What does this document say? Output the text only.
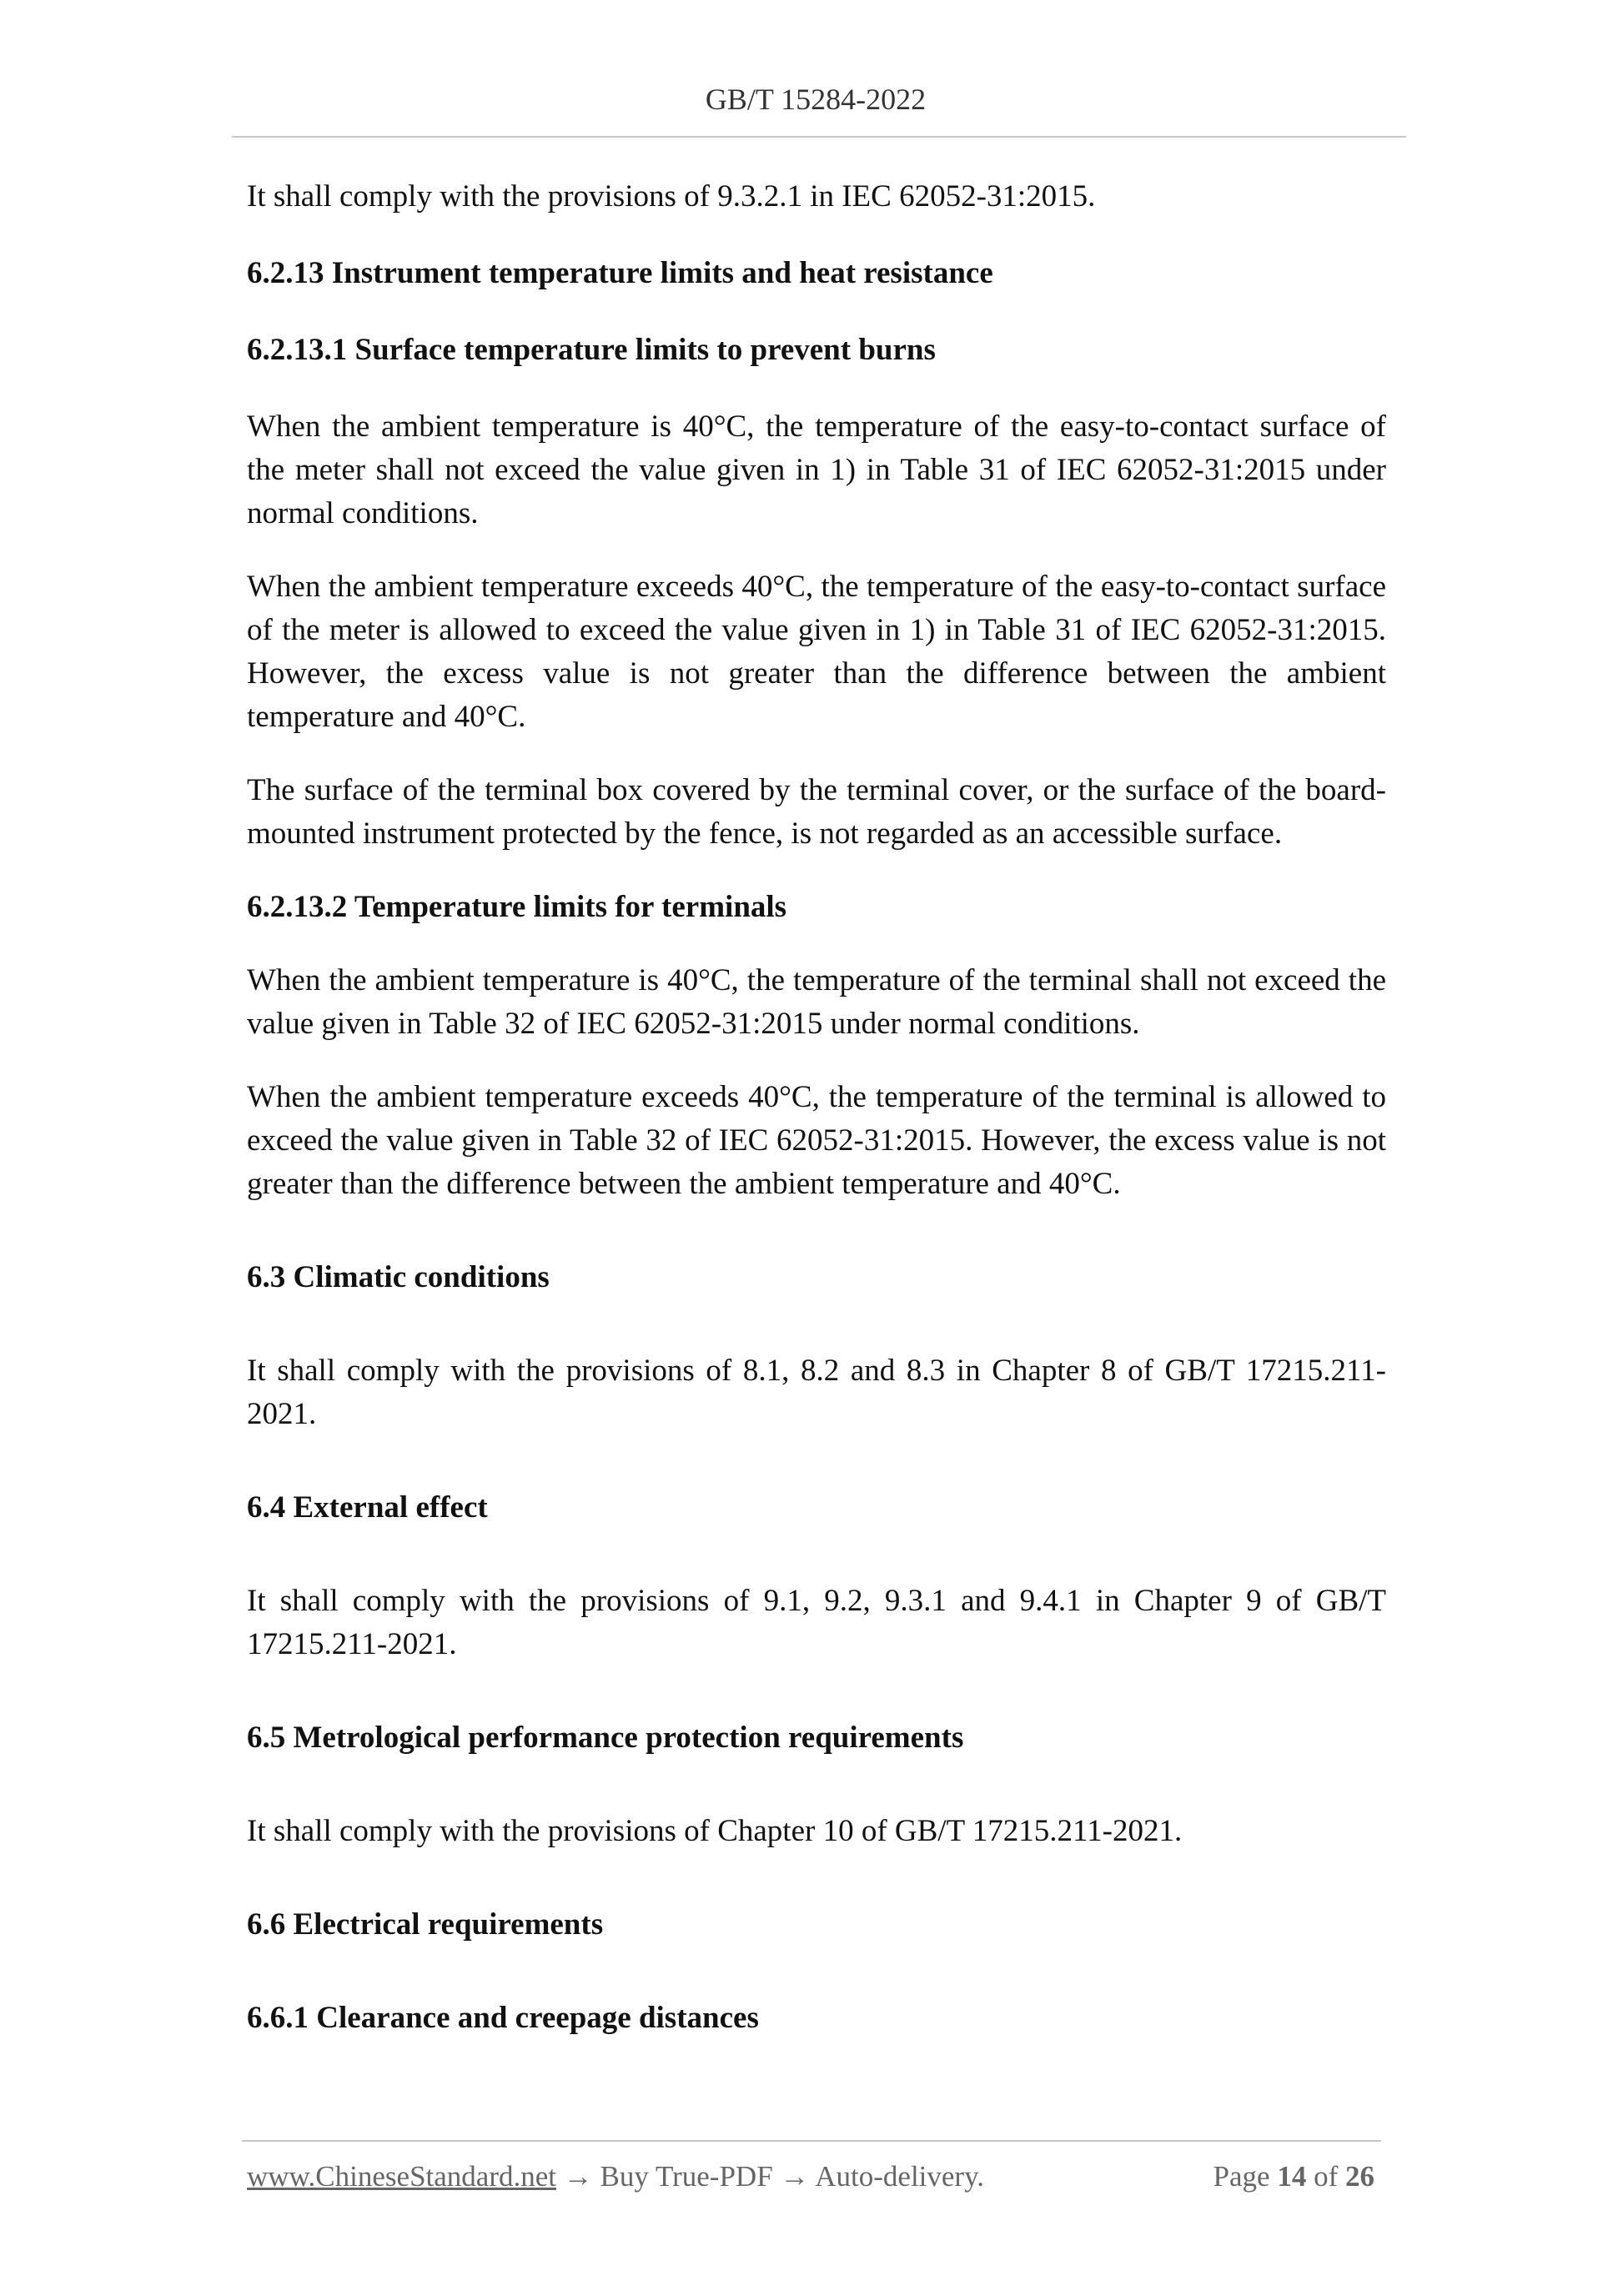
GB/T 15284-2022

It shall comply with the provisions of 9.3.2.1 in IEC 62052-31:2015.

6.2.13 Instrument temperature limits and heat resistance
6.2.13.1 Surface temperature limits to prevent burns

When the ambient temperature is 40°C, the temperature of the easy-to-contact surface of the meter shall not exceed the value given in 1) in Table 31 of IEC 62052-31:2015 under normal conditions.

When the ambient temperature exceeds 40°C, the temperature of the easy-to-contact surface of the meter is allowed to exceed the value given in 1) in Table 31 of IEC 62052-31:2015. However, the excess value is not greater than the difference between the ambient temperature and 40°C.

The surface of the terminal box covered by the terminal cover, or the surface of the board-mounted instrument protected by the fence, is not regarded as an accessible surface.

6.2.13.2 Temperature limits for terminals

When the ambient temperature is 40°C, the temperature of the terminal shall not exceed the value given in Table 32 of IEC 62052-31:2015 under normal conditions.

When the ambient temperature exceeds 40°C, the temperature of the terminal is allowed to exceed the value given in Table 32 of IEC 62052-31:2015. However, the excess value is not greater than the difference between the ambient temperature and 40°C.

6.3 Climatic conditions

It shall comply with the provisions of 8.1, 8.2 and 8.3 in Chapter 8 of GB/T 17215.211-2021.

6.4 External effect

It shall comply with the provisions of 9.1, 9.2, 9.3.1 and 9.4.1 in Chapter 9 of GB/T 17215.211-2021.

6.5 Metrological performance protection requirements

It shall comply with the provisions of Chapter 10 of GB/T 17215.211-2021.

6.6 Electrical requirements
6.6.1 Clearance and creepage distances
www.ChineseStandard.net → Buy True-PDF → Auto-delivery.	Page 14 of 26
